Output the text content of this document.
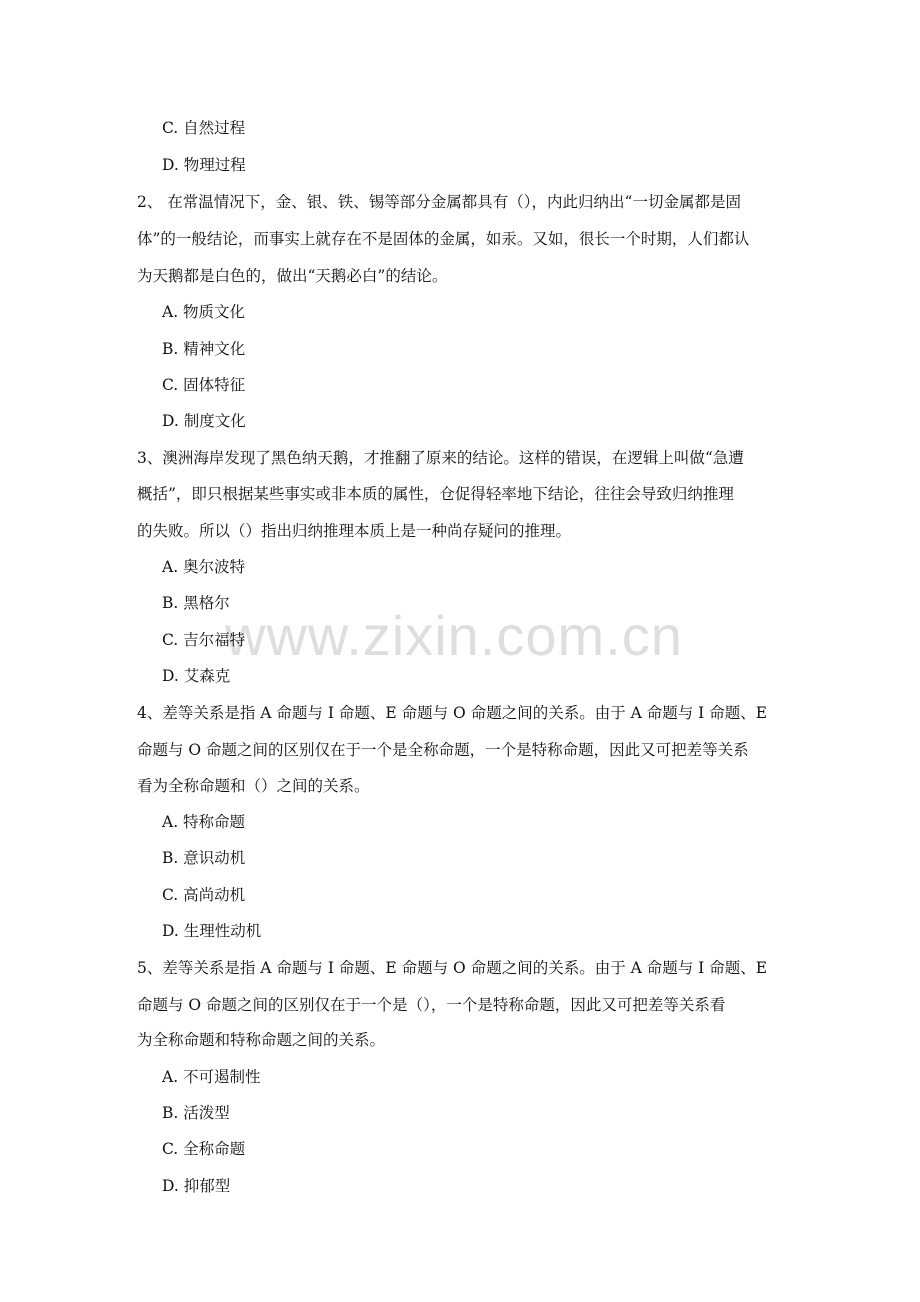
www.zixin.com.cn

C. 自然过程

D. 物理过程

2、 在常温情况下，金、银、铁、锡等部分金属都具有（），内此归纳出“一切金属都是固

体”的一般结论，而事实上就存在不是固体的金属，如汞。又如，很长一个时期，人们都认

为天鹅都是白色的，做出“天鹅必白”的结论。

A. 物质文化

B. 精神文化

C. 固体特征

D. 制度文化

3、澳洲海岸发现了黑色纳天鹅，才推翻了原来的结论。这样的错误，在逻辑上叫做“急遭

概括”，即只根据某些事实或非本质的属性，仓促得轻率地下结论，往往会导致归纳推理

的失败。所以（）指出归纳推理本质上是一种尚存疑问的推理。

A. 奥尔波特

B. 黑格尔

C. 吉尔福特

D. 艾森克

4、差等关系是指 A 命题与 I 命题、E 命题与 O 命题之间的关系。由于 A 命题与 I 命题、E

命题与 O 命题之间的区别仅在于一个是全称命题，一个是特称命题，因此又可把差等关系

看为全称命题和（）之间的关系。

A. 特称命题

B. 意识动机

C. 高尚动机

D. 生理性动机

5、差等关系是指 A 命题与 I 命题、E 命题与 O 命题之间的关系。由于 A 命题与 I 命题、E

命题与 O 命题之间的区别仅在于一个是（），一个是特称命题，因此又可把差等关系看

为全称命题和特称命题之间的关系。

A. 不可遏制性

B. 活泼型

C. 全称命题

D. 抑郁型
